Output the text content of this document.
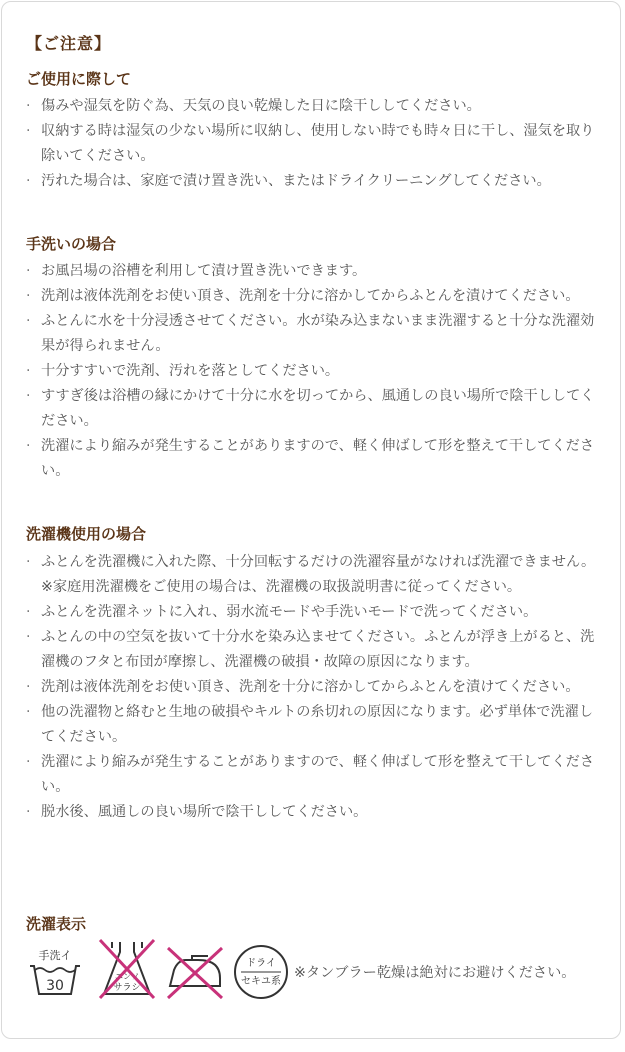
【ご注意】
ご使用に際して
· 傷みや湿気を防ぐ為、天気の良い乾燥した日に陰干ししてください。
· 収納する時は湿気の少ない場所に収納し、使用しない時でも時々日に干し、湿気を取り除いてください。
· 汚れた場合は、家庭で漬け置き洗い、またはドライクリーニングしてください。
手洗いの場合
· お風呂場の浴槽を利用して漬け置き洗いできます。
· 洗剤は液体洗剤をお使い頂き、洗剤を十分に溶かしてからふとんを漬けてください。
· ふとんに水を十分浸透させてください。水が染み込まないまま洗濯すると十分な洗濯効果が得られません。
· 十分すすいで洗剤、汚れを落としてください。
· すすぎ後は浴槽の縁にかけて十分に水を切ってから、風通しの良い場所で陰干ししてください。
· 洗濯により縮みが発生することがありますので、軽く伸ばして形を整えて干してください。
洗濯機使用の場合
· ふとんを洗濯機に入れた際、十分回転するだけの洗濯容量がなければ洗濯できません。
※家庭用洗濯機をご使用の場合は、洗濯機の取扱説明書に従ってください。
· ふとんを洗濯ネットに入れ、弱水流モードや手洗いモードで洗ってください。
· ふとんの中の空気を抜いて十分水を染み込ませてください。ふとんが浮き上がると、洗濯機のフタと布団が摩擦し、洗濯機の破損・故障の原因になります。
· 洗剤は液体洗剤をお使い頂き、洗剤を十分に溶かしてからふとんを漬けてください。
· 他の洗濯物と絡むと生地の破損やキルトの糸切れの原因になります。必ず単体で洗濯してください。
· 洗濯により縮みが発生することがありますので、軽く伸ばして形を整えて干してください。
· 脱水後、風通しの良い場所で陰干ししてください。
洗濯表示
手洗イ
30
エンソ
サラシ
ドライ
セキユ系
※タンブラー乾燥は絶対にお避けください。
